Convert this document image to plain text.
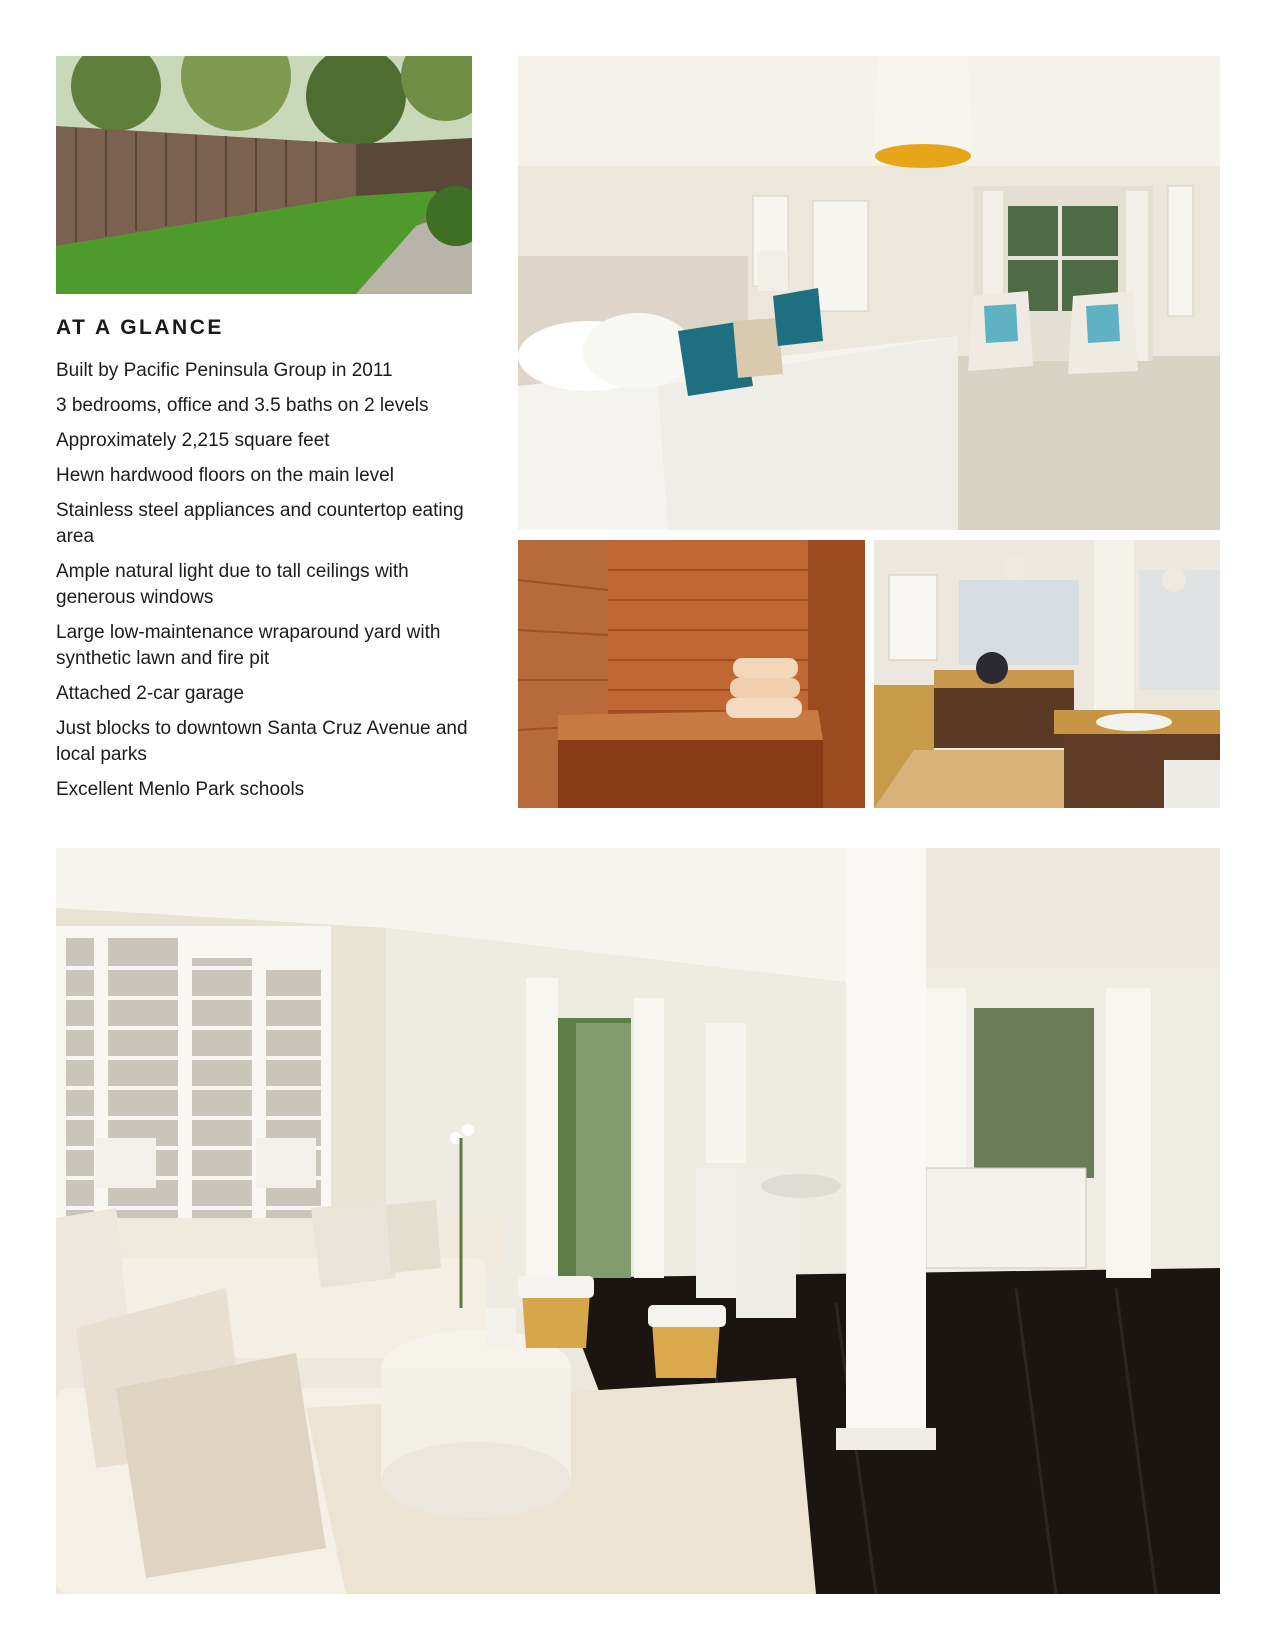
AT A GLANCE
Built by Pacific Peninsula Group in 2011
3 bedrooms, office and 3.5 baths on 2 levels
Approximately 2,215 square feet
Hewn hardwood floors on the main level
Stainless steel appliances and countertop eating area
Ample natural light due to tall ceilings with generous windows
Large low-maintenance wraparound yard with synthetic lawn and fire pit
Attached 2-car garage
Just blocks to downtown Santa Cruz Avenue and local parks
Excellent Menlo Park schools
